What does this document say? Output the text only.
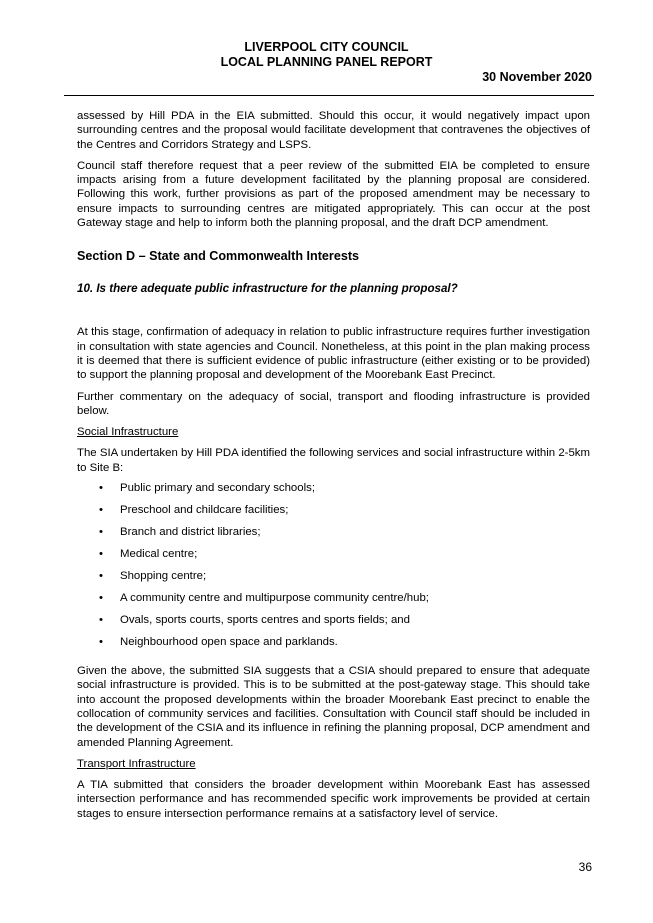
LIVERPOOL CITY COUNCIL
LOCAL PLANNING PANEL REPORT
30 November 2020

assessed by Hill PDA in the EIA submitted. Should this occur, it would negatively impact upon surrounding centres and the proposal would facilitate development that contravenes the objectives of the Centres and Corridors Strategy and LSPS.

Council staff therefore request that a peer review of the submitted EIA be completed to ensure impacts arising from a future development facilitated by the planning proposal are considered. Following this work, further provisions as part of the proposed amendment may be necessary to ensure impacts to surrounding centres are mitigated appropriately. This can occur at the post Gateway stage and help to inform both the planning proposal, and the draft DCP amendment.

Section D – State and Commonwealth Interests
10. Is there adequate public infrastructure for the planning proposal?

At this stage, confirmation of adequacy in relation to public infrastructure requires further investigation in consultation with state agencies and Council. Nonetheless, at this point in the plan making process it is deemed that there is sufficient evidence of public infrastructure (either existing or to be provided) to support the planning proposal and development of the Moorebank East Precinct.

Further commentary on the adequacy of social, transport and flooding infrastructure is provided below.

Social Infrastructure

The SIA undertaken by Hill PDA identified the following services and social infrastructure within 2-5km to Site B:

• Public primary and secondary schools;
• Preschool and childcare facilities;
• Branch and district libraries;
• Medical centre;
• Shopping centre;
• A community centre and multipurpose community centre/hub;
• Ovals, sports courts, sports centres and sports fields; and
• Neighbourhood open space and parklands.

Given the above, the submitted SIA suggests that a CSIA should prepared to ensure that adequate social infrastructure is provided. This is to be submitted at the post-gateway stage. This should take into account the proposed developments within the broader Moorebank East precinct to enable the collocation of community services and facilities. Consultation with Council staff should be included in the development of the CSIA and its influence in refining the planning proposal, DCP amendment and amended Planning Agreement.

Transport Infrastructure

A TIA submitted that considers the broader development within Moorebank East has assessed intersection performance and has recommended specific work improvements be provided at certain stages to ensure intersection performance remains at a satisfactory level of service.

36
